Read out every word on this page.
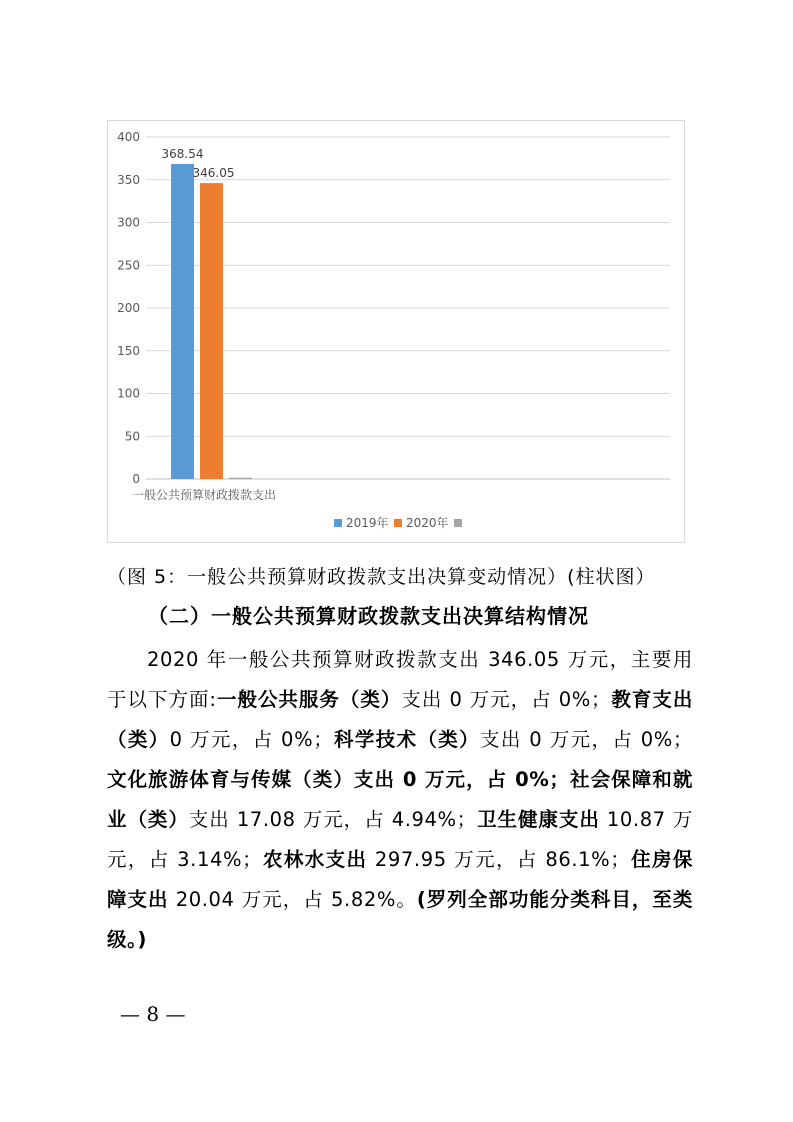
0
50
100
150
200
250
300
350
400
368.54
346.05
一般公共预算财政拨款支出
2019年 2020年
（图 5：一般公共预算财政拨款支出决算变动情况）(柱状图）
（二）一般公共预算财政拨款支出决算结构情况
2020 年一般公共预算财政拨款支出 346.05 万元，主要用于以下方面:一般公共服务（类）支出 0 万元，占 0%；教育支出（类）0 万元，占 0%；科学技术（类）支出 0 万元，占 0%；文化旅游体育与传媒（类）支出 0 万元，占 0%；社会保障和就业（类）支出 17.08 万元，占 4.94%；卫生健康支出 10.87 万元，占 3.14%；农林水支出 297.95 万元，占 86.1%；住房保障支出 20.04 万元，占 5.82%。(罗列全部功能分类科目，至类级。)
— 8 —
